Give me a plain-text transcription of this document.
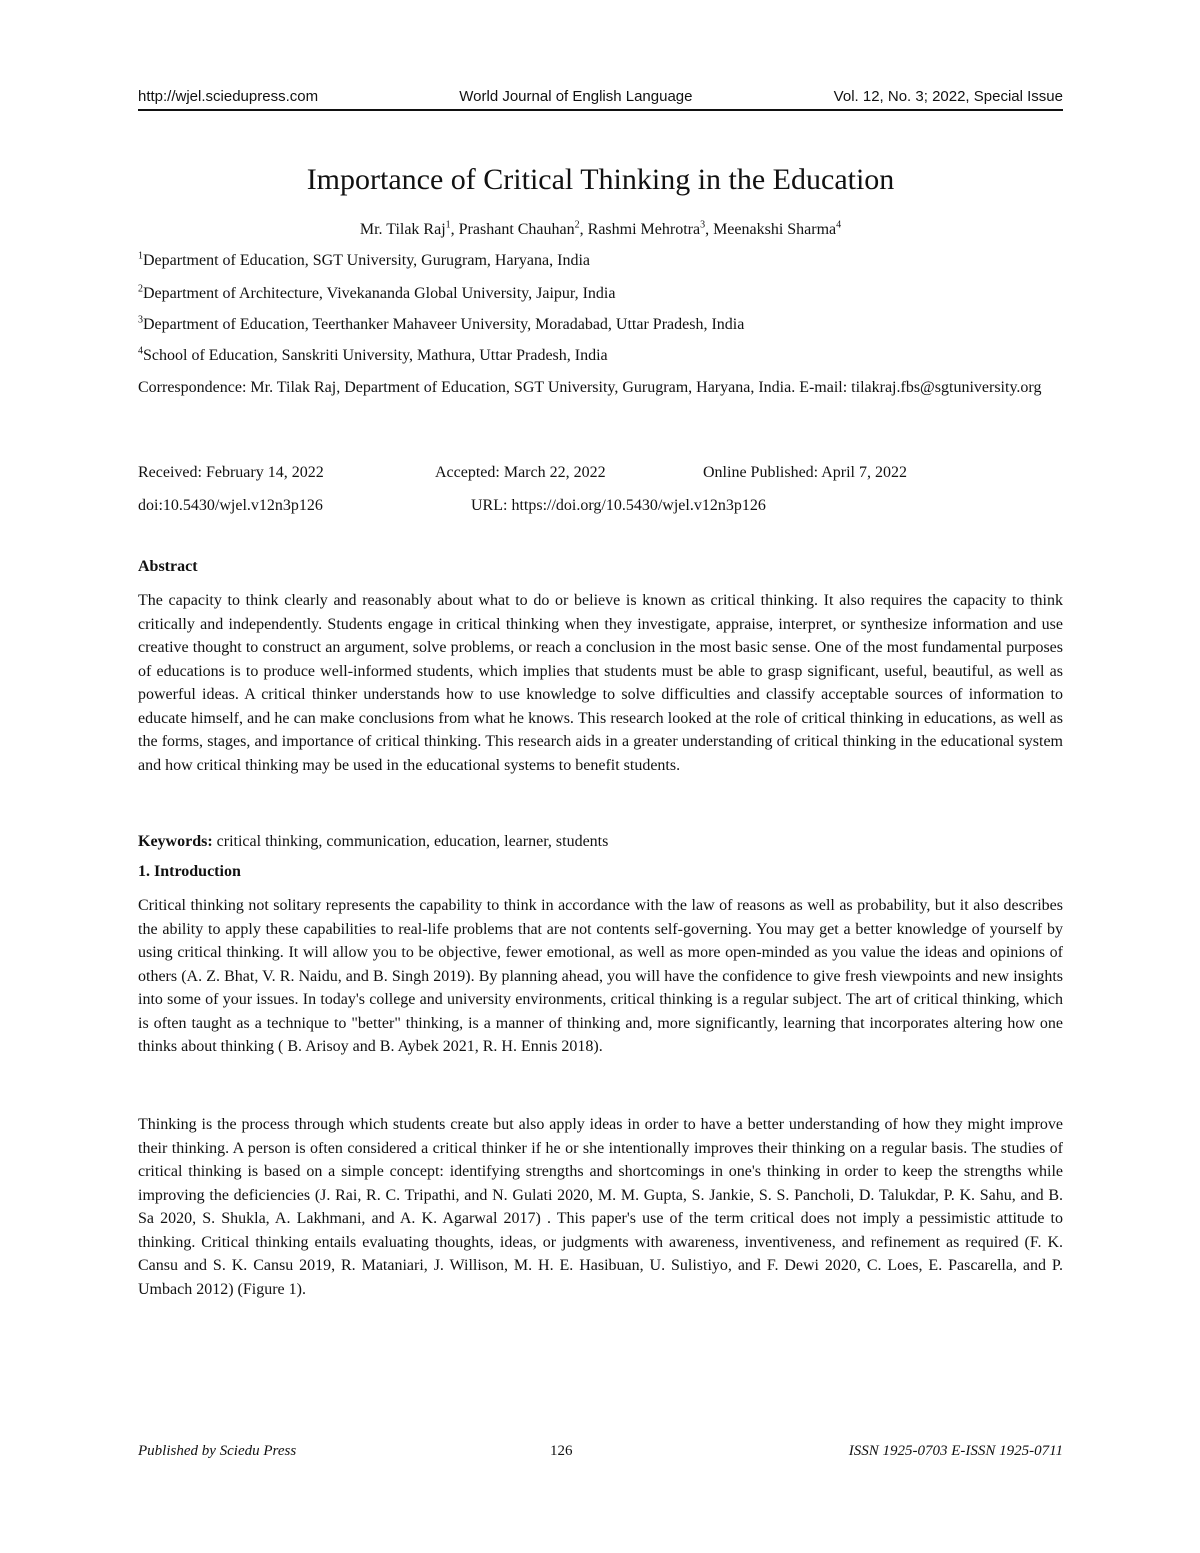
http://wjel.sciedupress.com	World Journal of English Language	Vol. 12, No. 3; 2022, Special Issue
Importance of Critical Thinking in the Education
Mr. Tilak Raj$^1$, Prashant Chauhan$^2$, Rashmi Mehrotra$^3$, Meenakshi Sharma$^4$
$^1$Department of Education, SGT University, Gurugram, Haryana, India
$^2$Department of Architecture, Vivekananda Global University, Jaipur, India
$^3$Department of Education, Teerthanker Mahaveer University, Moradabad, Uttar Pradesh, India
$^4$School of Education, Sanskriti University, Mathura, Uttar Pradesh, India
Correspondence: Mr. Tilak Raj, Department of Education, SGT University, Gurugram, Haryana, India. E-mail: tilakraj.fbs@sgtuniversity.org
Received: February 14, 2022	Accepted: March 22, 2022	Online Published: April 7, 2022
doi:10.5430/wjel.v12n3p126	URL: https://doi.org/10.5430/wjel.v12n3p126
Abstract

The capacity to think clearly and reasonably about what to do or believe is known as critical thinking. It also requires the capacity to think critically and independently. Students engage in critical thinking when they investigate, appraise, interpret, or synthesize information and use creative thought to construct an argument, solve problems, or reach a conclusion in the most basic sense. One of the most fundamental purposes of educations is to produce well-informed students, which implies that students must be able to grasp significant, useful, beautiful, as well as powerful ideas. A critical thinker understands how to use knowledge to solve difficulties and classify acceptable sources of information to educate himself, and he can make conclusions from what he knows. This research looked at the role of critical thinking in educations, as well as the forms, stages, and importance of critical thinking. This research aids in a greater understanding of critical thinking in the educational system and how critical thinking may be used in the educational systems to benefit students.

Keywords: critical thinking, communication, education, learner, students
1. Introduction

Critical thinking not solitary represents the capability to think in accordance with the law of reasons as well as probability, but it also describes the ability to apply these capabilities to real-life problems that are not contents self-governing. You may get a better knowledge of yourself by using critical thinking. It will allow you to be objective, fewer emotional, as well as more open-minded as you value the ideas and opinions of others (A. Z. Bhat, V. R. Naidu, and B. Singh 2019). By planning ahead, you will have the confidence to give fresh viewpoints and new insights into some of your issues. In today's college and university environments, critical thinking is a regular subject. The art of critical thinking, which is often taught as a technique to "better" thinking, is a manner of thinking and, more significantly, learning that incorporates altering how one thinks about thinking ( B. Arisoy and B. Aybek 2021, R. H. Ennis 2018).

Thinking is the process through which students create but also apply ideas in order to have a better understanding of how they might improve their thinking. A person is often considered a critical thinker if he or she intentionally improves their thinking on a regular basis. The studies of critical thinking is based on a simple concept: identifying strengths and shortcomings in one's thinking in order to keep the strengths while improving the deficiencies (J. Rai, R. C. Tripathi, and N. Gulati 2020, M. M. Gupta, S. Jankie, S. S. Pancholi, D. Talukdar, P. K. Sahu, and B. Sa 2020, S. Shukla, A. Lakhmani, and A. K. Agarwal 2017) . This paper's use of the term critical does not imply a pessimistic attitude to thinking. Critical thinking entails evaluating thoughts, ideas, or judgments with awareness, inventiveness, and refinement as required (F. K. Cansu and S. K. Cansu 2019, R. Mataniari, J. Willison, M. H. E. Hasibuan, U. Sulistiyo, and F. Dewi 2020, C. Loes, E. Pascarella, and P. Umbach 2012) (Figure 1).

Published by Sciedu Press	126	ISSN 1925-0703 E-ISSN 1925-0711
